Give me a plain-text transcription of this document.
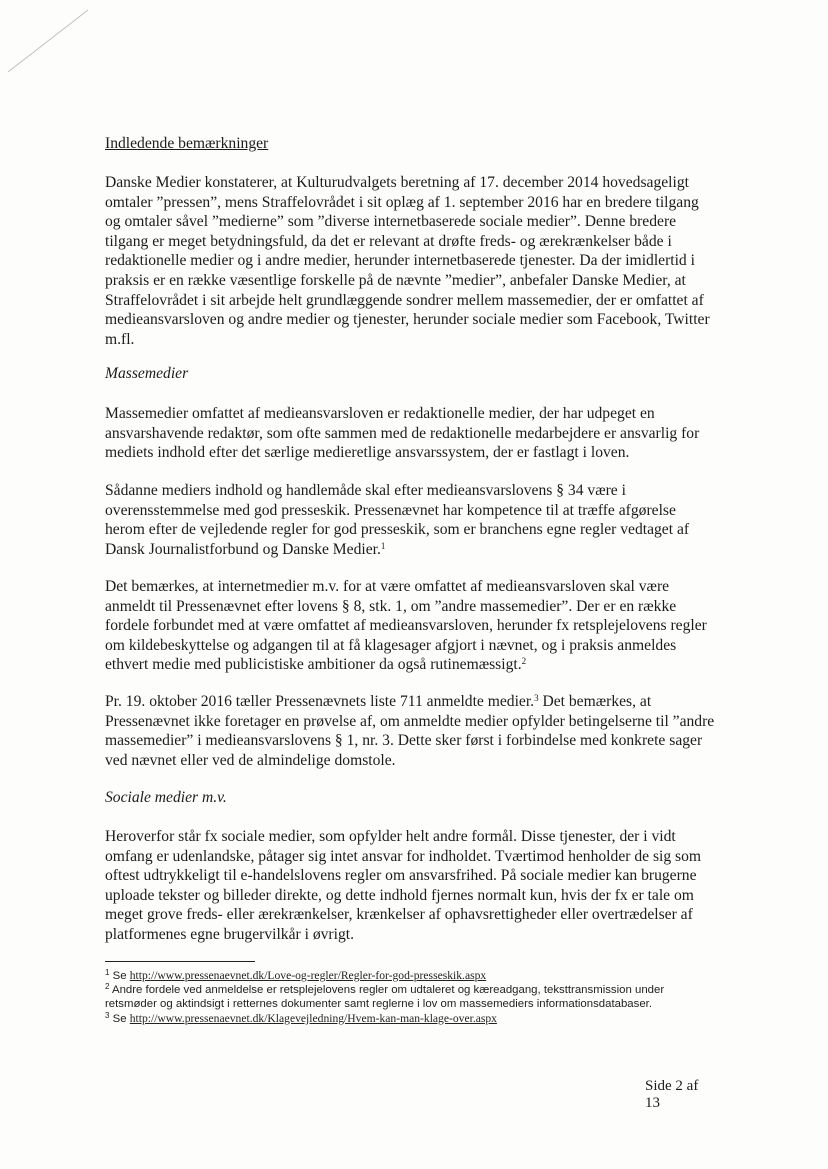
Indledende bemærkninger
Danske Medier konstaterer, at Kulturudvalgets beretning af 17. december 2014 hovedsageligt omtaler ”pressen”, mens Straffelovrådet i sit oplæg af 1. september 2016 har en bredere tilgang og omtaler såvel ”medierne” som ”diverse internetbaserede sociale medier”. Denne bredere tilgang er meget betydningsfuld, da det er relevant at drøfte freds- og ærekrænkelser både i redaktionelle medier og i andre medier, herunder internetbaserede tjenester. Da der imidlertid i praksis er en række væsentlige forskelle på de nævnte ”medier”, anbefaler Danske Medier, at Straffelovrådet i sit arbejde helt grundlæggende sondrer mellem massemedier, der er omfattet af medieansvarsloven og andre medier og tjenester, herunder sociale medier som Facebook, Twitter m.fl.
Massemedier
Massemedier omfattet af medieansvarsloven er redaktionelle medier, der har udpeget en ansvarshavende redaktør, som ofte sammen med de redaktionelle medarbejdere er ansvarlig for mediets indhold efter det særlige medieretlige ansvarssystem, der er fastlagt i loven.
Sådanne mediers indhold og handlemåde skal efter medieansvarslovens § 34 være i overensstemmelse med god presseskik. Pressenævnet har kompetence til at træffe afgørelse herom efter de vejledende regler for god presseskik, som er branchens egne regler vedtaget af Dansk Journalistforbund og Danske Medier.$^1$
Det bemærkes, at internetmedier m.v. for at være omfattet af medieansvarsloven skal være anmeldt til Pressenævnet efter lovens § 8, stk. 1, om ”andre massemedier”. Der er en række fordele forbundet med at være omfattet af medieansvarsloven, herunder fx retsplejelovens regler om kildebeskyttelse og adgangen til at få klagesager afgjort i nævnet, og i praksis anmeldes ethvert medie med publicistiske ambitioner da også rutinemæssigt.$^2$
Pr. 19. oktober 2016 tæller Pressenævnets liste 711 anmeldte medier.$^3$ Det bemærkes, at Pressenævnet ikke foretager en prøvelse af, om anmeldte medier opfylder betingelserne til ”andre massemedier” i medieansvarslovens § 1, nr. 3. Dette sker først i forbindelse med konkrete sager ved nævnet eller ved de almindelige domstole.
Sociale medier m.v.
Heroverfor står fx sociale medier, som opfylder helt andre formål. Disse tjenester, der i vidt omfang er udenlandske, påtager sig intet ansvar for indholdet. Tværtimod henholder de sig som oftest udtrykkeligt til e-handelslovens regler om ansvarsfrihed. På sociale medier kan brugerne uploade tekster og billeder direkte, og dette indhold fjernes normalt kun, hvis der fx er tale om meget grove freds- eller ærekrænkelser, krænkelser af ophavsrettigheder eller overtrædelser af platformenes egne brugervilkår i øvrigt.
$^1$ Se http://www.pressenaevnet.dk/Love-og-regler/Regler-for-god-presseskik.aspx
$^2$ Andre fordele ved anmeldelse er retsplejelovens regler om udtaleret og kæreadgang, teksttransmission under retsmøder og aktindsigt i retternes dokumenter samt reglerne i lov om massemediers informationsdatabaser.
$^3$ Se http://www.pressenaevnet.dk/Klagevejledning/Hvem-kan-man-klage-over.aspx
Side 2 af 13
